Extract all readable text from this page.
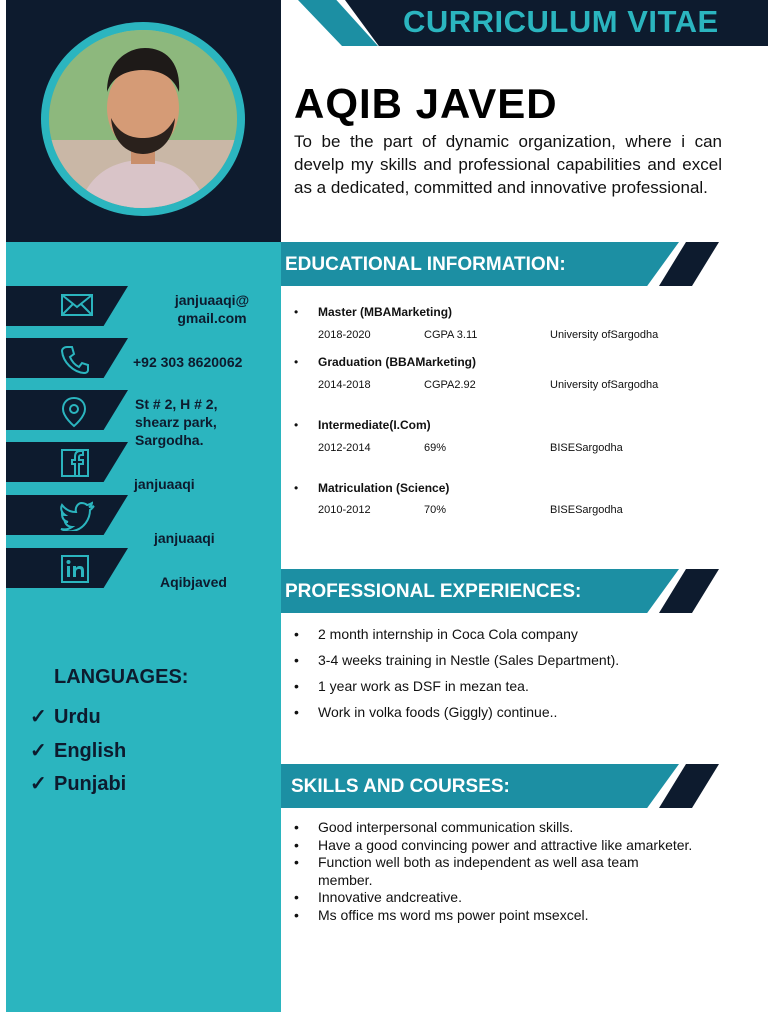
janjuaaqi@
gmail.com
+92 303 8620062
St # 2, H # 2,
shearz park,
Sargodha.
janjuaaqi
janjuaaqi
Aqibjaved
LANGUAGES:
✓ Urdu
✓ English
✓ Punjabi
CURRICULUM VITAE
AQIB JAVED
To be the part of dynamic organization, where i can develp my skills and professional capabilities and excel as a dedicated, committed and innovative professional.
EDUCATIONAL INFORMATION:
• Master (MBAMarketing)
2018-2020	CGPA 3.11	University ofSargodha
• Graduation (BBAMarketing)
2014-2018	CGPA2.92	University ofSargodha
• Intermediate(I.Com)
2012-2014	69%	BISESargodha
• Matriculation (Science)
2010-2012	70%	BISESargodha
PROFESSIONAL EXPERIENCES:
• 2 month internship in Coca Cola company
• 3-4 weeks training in Nestle (Sales Department).
• 1 year work as DSF in mezan tea.
• Work in volka foods (Giggly) continue..
SKILLS AND COURSES:
• Good interpersonal communication skills.
• Have a good convincing power and attractive like amarketer.
• Function well both as independent as well asa team member.
• Innovative andcreative.
• Ms office ms word ms power point msexcel.
